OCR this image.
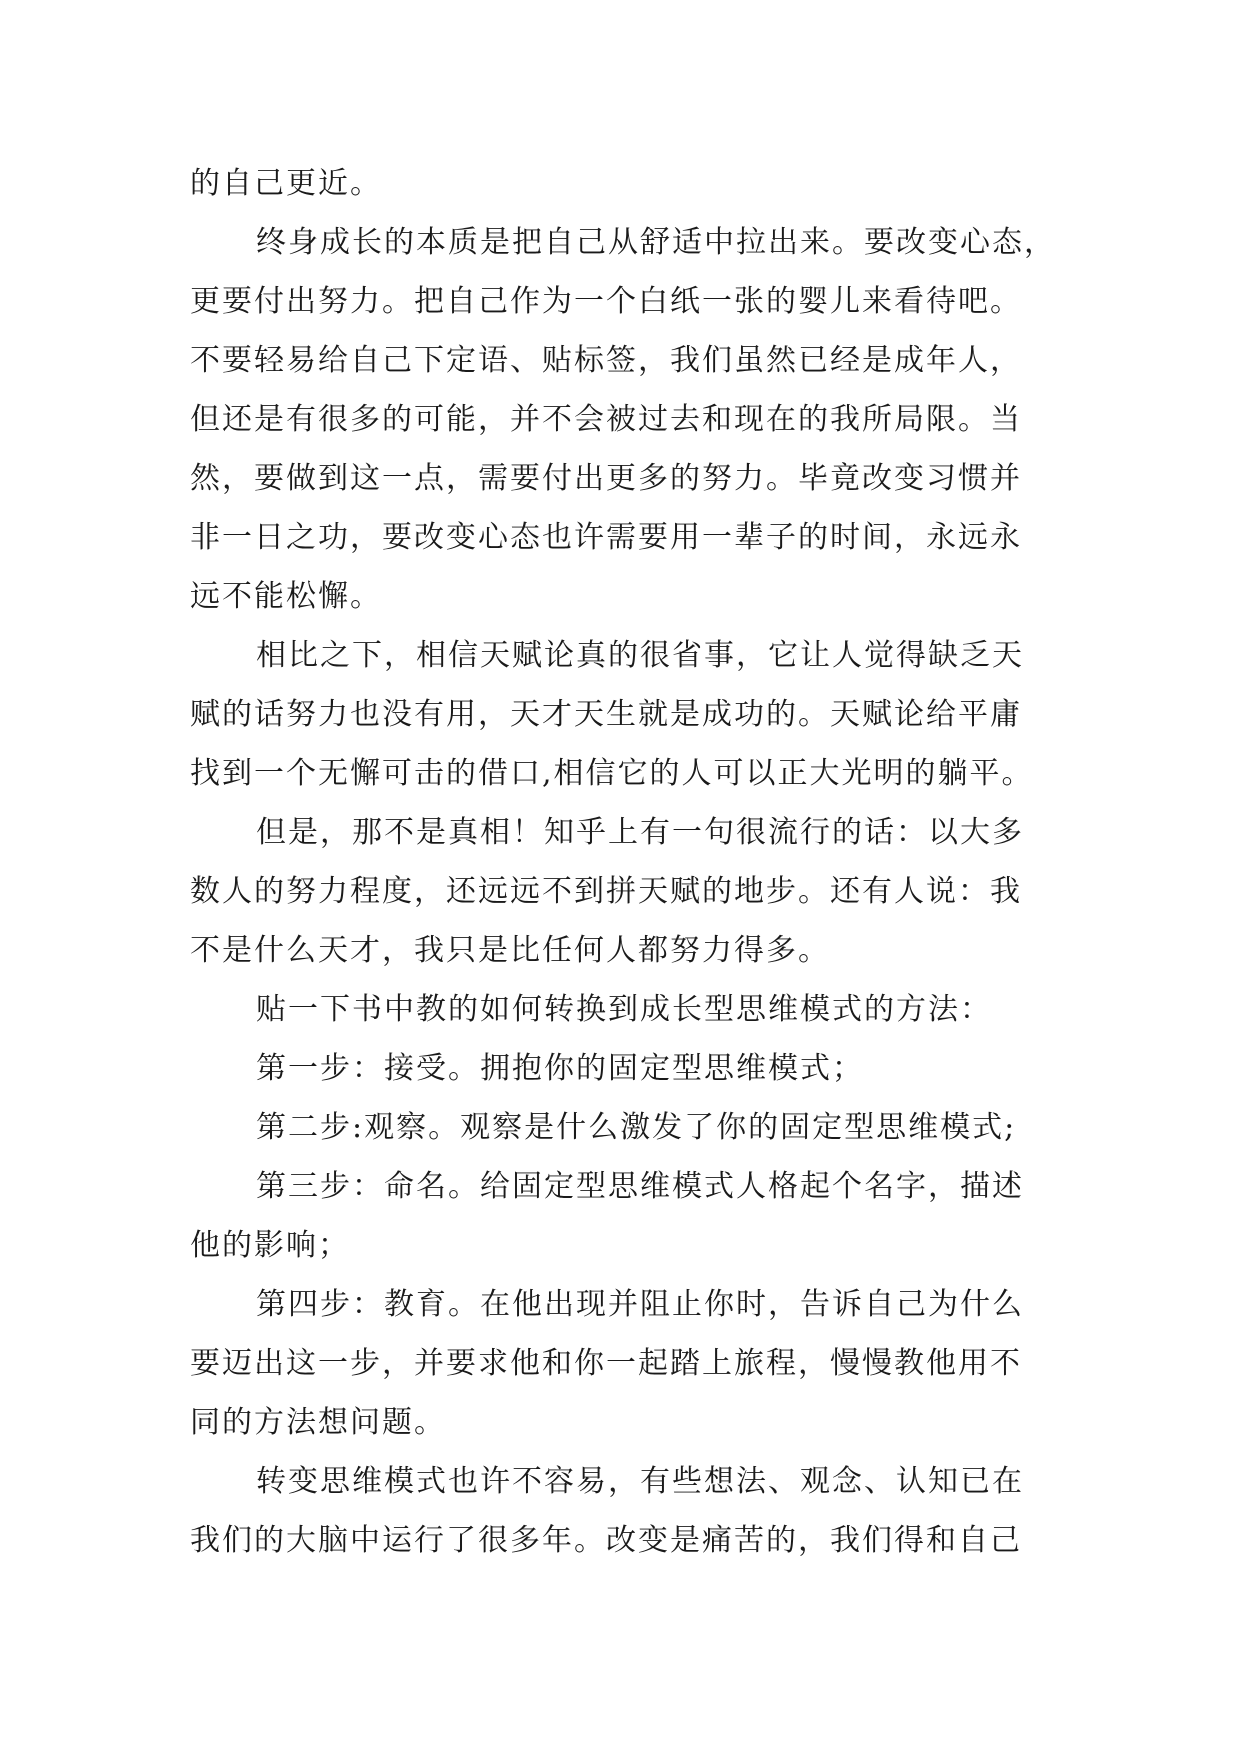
的自己更近。
终身成长的本质是把自己从舒适中拉出来。要改变心态，
更要付出努力。把自己作为一个白纸一张的婴儿来看待吧。
不要轻易给自己下定语、贴标签，我们虽然已经是成年人，
但还是有很多的可能，并不会被过去和现在的我所局限。当
然，要做到这一点，需要付出更多的努力。毕竟改变习惯并
非一日之功，要改变心态也许需要用一辈子的时间，永远永
远不能松懈。
相比之下，相信天赋论真的很省事，它让人觉得缺乏天
赋的话努力也没有用，天才天生就是成功的。天赋论给平庸
找到一个无懈可击的借口,相信它的人可以正大光明的躺平。
但是，那不是真相！知乎上有一句很流行的话：以大多
数人的努力程度，还远远不到拼天赋的地步。还有人说：我
不是什么天才，我只是比任何人都努力得多。
贴一下书中教的如何转换到成长型思维模式的方法：
第一步：接受。拥抱你的固定型思维模式；
第二步:观察。观察是什么激发了你的固定型思维模式;
第三步：命名。给固定型思维模式人格起个名字，描述
他的影响；
第四步：教育。在他出现并阻止你时，告诉自己为什么
要迈出这一步，并要求他和你一起踏上旅程，慢慢教他用不
同的方法想问题。
转变思维模式也许不容易，有些想法、观念、认知已在
我们的大脑中运行了很多年。改变是痛苦的，我们得和自己
